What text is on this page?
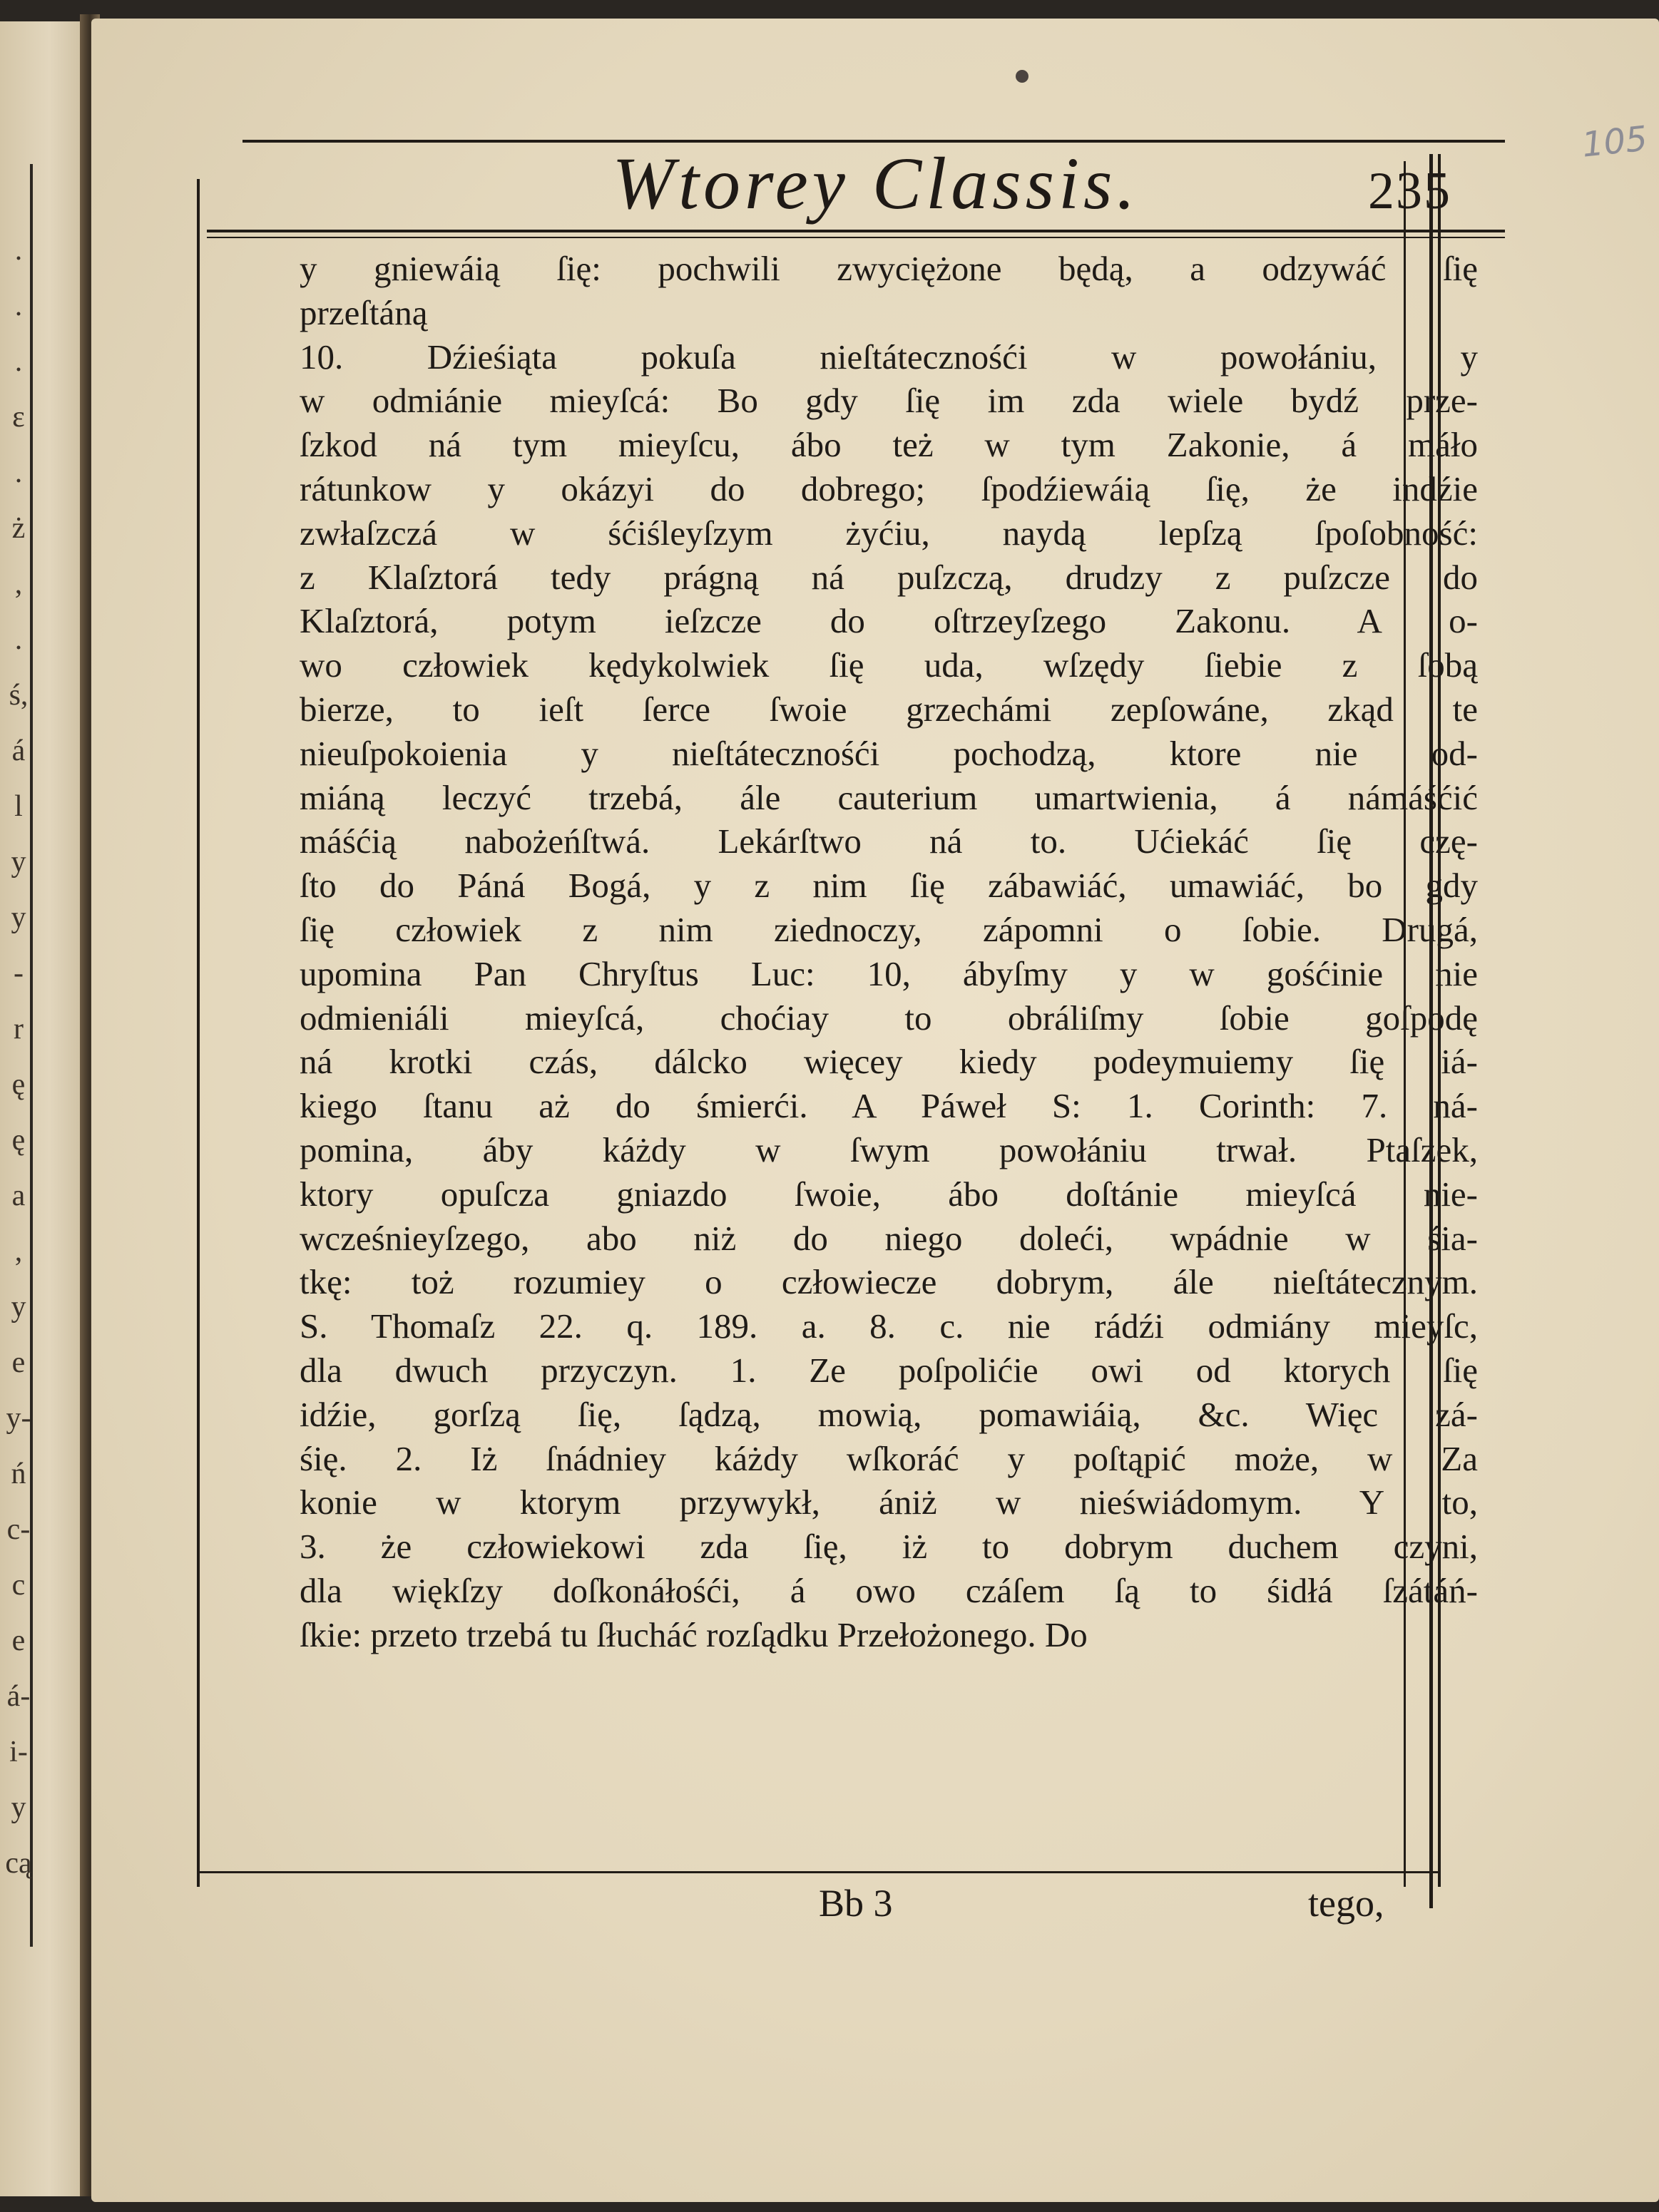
.
.
.
ɛ
.
ż
,
.
ś,
á
l
y
y
-
r
ę
ę
a
,
y
e
y-
ń
c-
c
e
á-
i-
y
cą
105
Wtorey Classis.	235
y gniewáią ſię: pochwili zwyciężone będą, a odzywáć ſię
przeſtáną
10. Dźieśiąta pokuſa nieſtátecznośći w powołániu, y
w odmiánie mieyſcá: Bo gdy ſię im zda wiele bydź prze-
ſzkod ná tym mieyſcu, ábo też w tym Zakonie, á máło
rátunkow y okázyi do dobrego; ſpodźiewáią ſię, że indźie
zwłaſzczá w śćiśleyſzym żyćiu, naydą lepſzą ſpoſobność:
z Klaſztorá tedy prágną ná puſzczą, drudzy z puſzcze do
Klaſztorá, potym ieſzcze do oſtrzeyſzego Zakonu. A o-
wo człowiek kędykolwiek ſię uda, wſzędy ſiebie z ſobą
bierze, to ieſt ſerce ſwoie grzechámi zepſowáne, zkąd te
nieuſpokoienia y nieſtátecznośći pochodzą, ktore nie od-
miáną leczyć trzebá, ále cauterium umartwienia, á námáśćić
máśćią nabożeńſtwá. Lekárſtwo ná to. Ućiekáć ſię czę-
ſto do Páná Bogá, y z nim ſię zábawiáć, umawiáć, bo gdy
ſię człowiek z nim ziednoczy, zápomni o ſobie. Drugá,
upomina Pan Chryſtus Luc: 10, ábyſmy y w gośćinie nie
odmieniáli mieyſcá, choćiay to obráliſmy ſobie goſpodę
ná krotki czás, dálcko więcey kiedy podeymuiemy ſię iá-
kiego ſtanu aż do śmierći. A Páweł S: 1. Corinth: 7. ná-
pomina, áby káżdy w ſwym powołániu trwał. Ptaſzek,
ktory opuſcza gniazdo ſwoie, ábo doſtánie mieyſcá nie-
wcześnieyſzego, abo niż do niego doleći, wpádnie w śia-
tkę: toż rozumiey o człowiecze dobrym, ále nieſtátecznym.
S. Thomaſz 22. q. 189. a. 8. c. nie rádźi odmiány mieyſc,
dla dwuch przyczyn. 1. Ze poſpolićie owi od ktorych ſię
idźie, gorſzą ſię, ſądzą, mowią, pomawiáią, &c. Więc zá-
śię. 2. Iż ſnádniey káżdy wſkoráć y poſtąpić może, w Za
konie w ktorym przywykł, ániż w nieświádomym. Y to,
3. że człowiekowi zda ſię, iż to dobrym duchem czyni,
dla więkſzy doſkonáłośći, á owo czáſem ſą to śidłá ſzátáń-
ſkie: przeto trzebá tu ſłucháć rozſądku Przełożonego. Do
Bb 3	tego,
